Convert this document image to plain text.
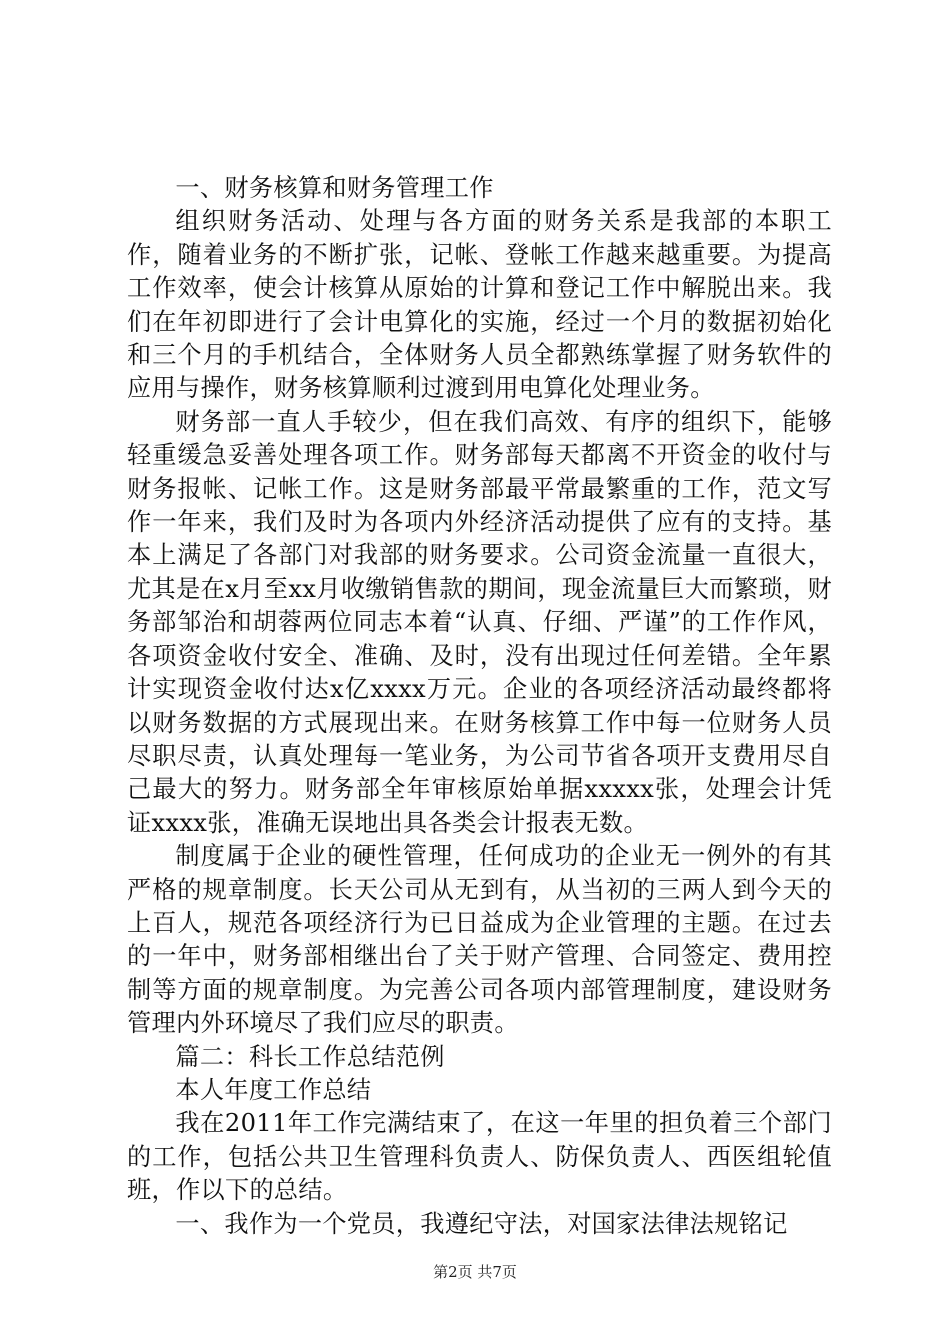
一、财务核算和财务管理工作

组织财务活动、处理与各方面的财务关系是我部的本职工作，随着业务的不断扩张，记帐、登帐工作越来越重要。为提高工作效率，使会计核算从原始的计算和登记工作中解脱出来。我们在年初即进行了会计电算化的实施，经过一个月的数据初始化和三个月的手机结合，全体财务人员全都熟练掌握了财务软件的应用与操作，财务核算顺利过渡到用电算化处理业务。

财务部一直人手较少，但在我们高效、有序的组织下，能够轻重缓急妥善处理各项工作。财务部每天都离不开资金的收付与财务报帐、记帐工作。这是财务部最平常最繁重的工作，范文写作一年来，我们及时为各项内外经济活动提供了应有的支持。基本上满足了各部门对我部的财务要求。公司资金流量一直很大，尤其是在x月至xx月收缴销售款的期间，现金流量巨大而繁琐，财务部邹治和胡蓉两位同志本着“认真、仔细、严谨”的工作作风，各项资金收付安全、准确、及时，没有出现过任何差错。全年累计实现资金收付达x亿xxxx万元。企业的各项经济活动最终都将以财务数据的方式展现出来。在财务核算工作中每一位财务人员尽职尽责，认真处理每一笔业务，为公司节省各项开支费用尽自己最大的努力。财务部全年审核原始单据xxxxx张，处理会计凭证xxxx张，准确无误地出具各类会计报表无数。

制度属于企业的硬性管理，任何成功的企业无一例外的有其严格的规章制度。长天公司从无到有，从当初的三两人到今天的上百人，规范各项经济行为已日益成为企业管理的主题。在过去的一年中，财务部相继出台了关于财产管理、合同签定、费用控制等方面的规章制度。为完善公司各项内部管理制度，建设财务管理内外环境尽了我们应尽的职责。

篇二：科长工作总结范例

本人年度工作总结

我在2011年工作完满结束了，在这一年里的担负着三个部门的工作，包括公共卫生管理科负责人、防保负责人、西医组轮值班，作以下的总结。

一、我作为一个党员，我遵纪守法，对国家法律法规铭记

第2页 共7页
